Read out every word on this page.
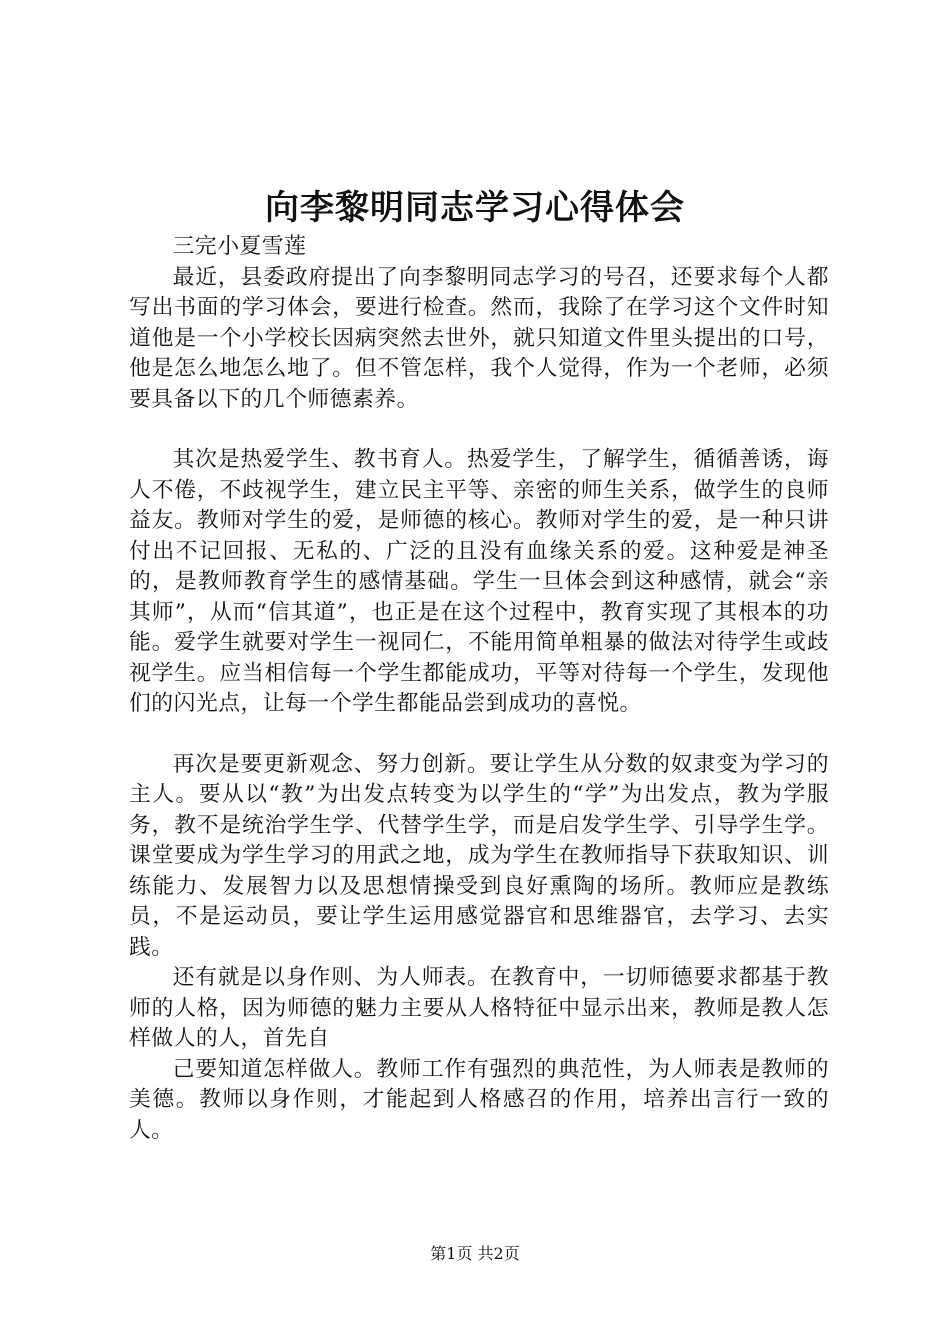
向李黎明同志学习心得体会

三完小夏雪莲

最近，县委政府提出了向李黎明同志学习的号召，还要求每个人都写出书面的学习体会，要进行检查。然而，我除了在学习这个文件时知道他是一个小学校长因病突然去世外，就只知道文件里头提出的口号，他是怎么地怎么地了。但不管怎样，我个人觉得，作为一个老师，必须要具备以下的几个师德素养。

其次是热爱学生、教书育人。热爱学生，了解学生，循循善诱，诲人不倦，不歧视学生，建立民主平等、亲密的师生关系，做学生的良师益友。教师对学生的爱，是师德的核心。教师对学生的爱，是一种只讲付出不记回报、无私的、广泛的且没有血缘关系的爱。这种爱是神圣的，是教师教育学生的感情基础。学生一旦体会到这种感情，就会“亲其师”，从而“信其道”，也正是在这个过程中，教育实现了其根本的功能。爱学生就要对学生一视同仁，不能用简单粗暴的做法对待学生或歧视学生。应当相信每一个学生都能成功，平等对待每一个学生，发现他们的闪光点，让每一个学生都能品尝到成功的喜悦。

再次是要更新观念、努力创新。要让学生从分数的奴隶变为学习的主人。要从以“教”为出发点转变为以学生的“学”为出发点，教为学服务，教不是统治学生学、代替学生学，而是启发学生学、引导学生学。课堂要成为学生学习的用武之地，成为学生在教师指导下获取知识、训练能力、发展智力以及思想情操受到良好熏陶的场所。教师应是教练员，不是运动员，要让学生运用感觉器官和思维器官，去学习、去实践。

还有就是以身作则、为人师表。在教育中，一切师德要求都基于教师的人格，因为师德的魅力主要从人格特征中显示出来，教师是教人怎样做人的人，首先自

己要知道怎样做人。教师工作有强烈的典范性，为人师表是教师的美德。教师以身作则，才能起到人格感召的作用，培养出言行一致的人。

第1页 共2页
